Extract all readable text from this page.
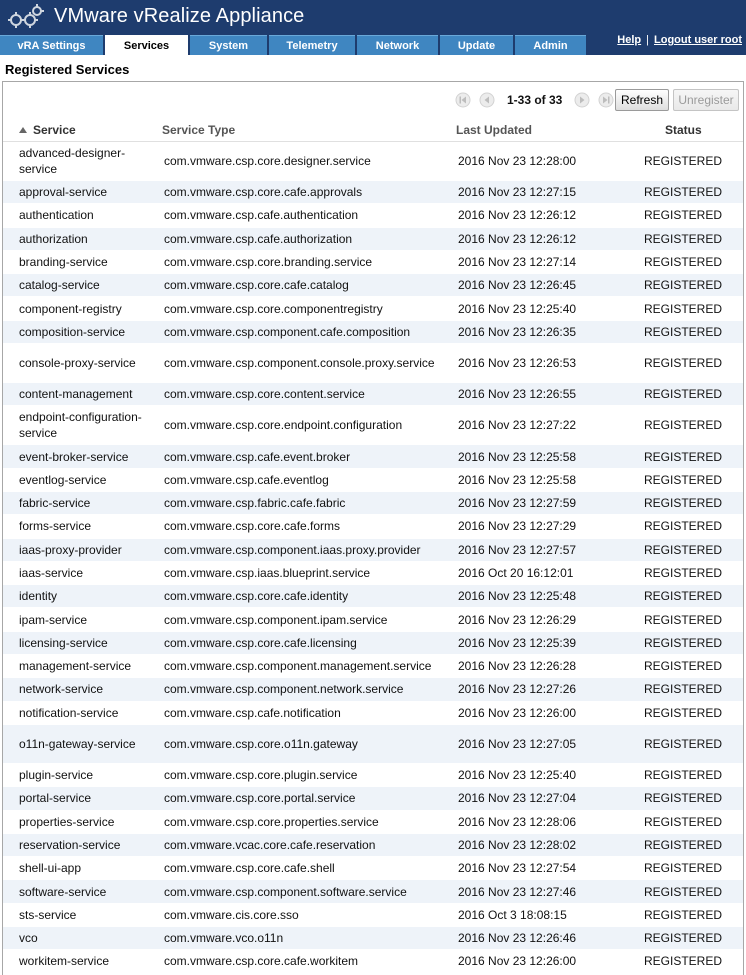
VMware vRealize Appliance
vRA Settings	Services	System	Telemetry	Network	Update	Admin	Help | Logout user root
Registered Services
1-33 of 33	Refresh	Unregister
Service	Service Type	Last Updated	Status
advanced-designer-service
com.vmware.csp.core.designer.service	2016 Nov 23 12:28:00	REGISTERED
approval-service	com.vmware.csp.core.cafe.approvals	2016 Nov 23 12:27:15	REGISTERED
authentication	com.vmware.csp.cafe.authentication	2016 Nov 23 12:26:12	REGISTERED
authorization	com.vmware.csp.cafe.authorization	2016 Nov 23 12:26:12	REGISTERED
branding-service	com.vmware.csp.core.branding.service	2016 Nov 23 12:27:14	REGISTERED
catalog-service	com.vmware.csp.core.cafe.catalog	2016 Nov 23 12:26:45	REGISTERED
component-registry	com.vmware.csp.core.componentregistry	2016 Nov 23 12:25:40	REGISTERED
composition-service	com.vmware.csp.component.cafe.composition	2016 Nov 23 12:26:35	REGISTERED
console-proxy-service	com.vmware.csp.component.console.proxy.service	2016 Nov 23 12:26:53	REGISTERED
content-management	com.vmware.csp.core.content.service	2016 Nov 23 12:26:55	REGISTERED
endpoint-configuration-service
com.vmware.csp.core.endpoint.configuration	2016 Nov 23 12:27:22	REGISTERED
event-broker-service	com.vmware.csp.cafe.event.broker	2016 Nov 23 12:25:58	REGISTERED
eventlog-service	com.vmware.csp.cafe.eventlog	2016 Nov 23 12:25:58	REGISTERED
fabric-service	com.vmware.csp.fabric.cafe.fabric	2016 Nov 23 12:27:59	REGISTERED
forms-service	com.vmware.csp.core.cafe.forms	2016 Nov 23 12:27:29	REGISTERED
iaas-proxy-provider	com.vmware.csp.component.iaas.proxy.provider	2016 Nov 23 12:27:57	REGISTERED
iaas-service	com.vmware.csp.iaas.blueprint.service	2016 Oct 20 16:12:01	REGISTERED
identity	com.vmware.csp.core.cafe.identity	2016 Nov 23 12:25:48	REGISTERED
ipam-service	com.vmware.csp.component.ipam.service	2016 Nov 23 12:26:29	REGISTERED
licensing-service	com.vmware.csp.core.cafe.licensing	2016 Nov 23 12:25:39	REGISTERED
management-service	com.vmware.csp.component.management.service	2016 Nov 23 12:26:28	REGISTERED
network-service	com.vmware.csp.component.network.service	2016 Nov 23 12:27:26	REGISTERED
notification-service	com.vmware.csp.cafe.notification	2016 Nov 23 12:26:00	REGISTERED
o11n-gateway-service	com.vmware.csp.core.o11n.gateway	2016 Nov 23 12:27:05	REGISTERED
plugin-service	com.vmware.csp.core.plugin.service	2016 Nov 23 12:25:40	REGISTERED
portal-service	com.vmware.csp.core.portal.service	2016 Nov 23 12:27:04	REGISTERED
properties-service	com.vmware.csp.core.properties.service	2016 Nov 23 12:28:06	REGISTERED
reservation-service	com.vmware.vcac.core.cafe.reservation	2016 Nov 23 12:28:02	REGISTERED
shell-ui-app	com.vmware.csp.core.cafe.shell	2016 Nov 23 12:27:54	REGISTERED
software-service	com.vmware.csp.component.software.service	2016 Nov 23 12:27:46	REGISTERED
sts-service	com.vmware.cis.core.sso	2016 Oct 3 18:08:15	REGISTERED
vco	com.vmware.vco.o11n	2016 Nov 23 12:26:46	REGISTERED
workitem-service	com.vmware.csp.core.cafe.workitem	2016 Nov 23 12:26:00	REGISTERED
